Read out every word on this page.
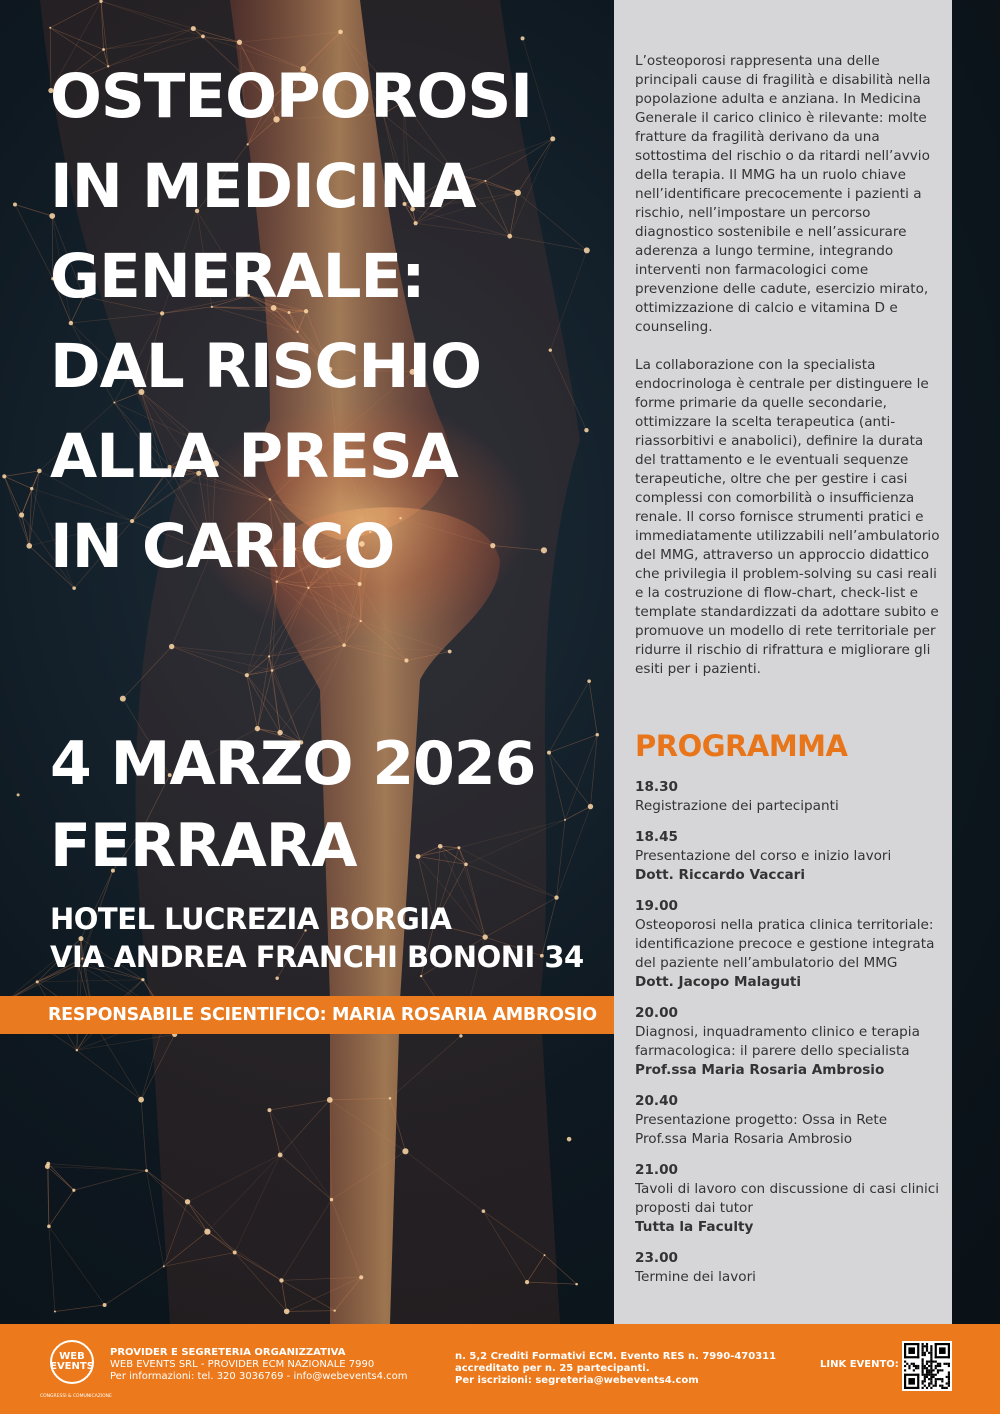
OSTEOPOROSI
IN MEDICINA
GENERALE:
DAL RISCHIO
ALLA PRESA
IN CARICO
4 MARZO 2026
FERRARA
HOTEL LUCREZIA BORGIA
VIA ANDREA FRANCHI BONONI 34
RESPONSABILE SCIENTIFICO: MARIA ROSARIA AMBROSIO

L’osteoporosi rappresenta una delle principali cause di fragilità e disabilità nella popolazione adulta e anziana. In Medicina Generale il carico clinico è rilevante: molte fratture da fragilità derivano da una sottostima del rischio o da ritardi nell’avvio della terapia. Il MMG ha un ruolo chiave nell’identificare precocemente i pazienti a rischio, nell’impostare un percorso diagnostico sostenibile e nell’assicurare aderenza a lungo termine, integrando interventi non farmacologici come prevenzione delle cadute, esercizio mirato, ottimizzazione di calcio e vitamina D e counseling.

La collaborazione con la specialista endocrinologa è centrale per distinguere le forme primarie da quelle secondarie, ottimizzare la scelta terapeutica (anti-riassorbitivi e anabolici), definire la durata del trattamento e le eventuali sequenze terapeutiche, oltre che per gestire i casi complessi con comorbilità o insufficienza renale. Il corso fornisce strumenti pratici e immediatamente utilizzabili nell’ambulatorio del MMG, attraverso un approccio didattico che privilegia il problem-solving su casi reali e la costruzione di flow-chart, check-list e template standardizzati da adottare subito e promuove un modello di rete territoriale per ridurre il rischio di rifrattura e migliorare gli esiti per i pazienti.

PROGRAMMA
18.30
Registrazione dei partecipanti
18.45
Presentazione del corso e inizio lavori
Dott. Riccardo Vaccari
19.00
Osteoporosi nella pratica clinica territoriale: identificazione precoce e gestione integrata del paziente nell’ambulatorio del MMG
Dott. Jacopo Malaguti
20.00
Diagnosi, inquadramento clinico e terapia farmacologica: il parere dello specialista
Prof.ssa Maria Rosaria Ambrosio
20.40
Presentazione progetto: Ossa in Rete
Prof.ssa Maria Rosaria Ambrosio
21.00
Tavoli di lavoro con discussione di casi clinici proposti dai tutor
Tutta la Faculty
23.00
Termine dei lavori
WEB EVENTS
CONGRESSI & COMUNICAZIONE
PROVIDER E SEGRETERIA ORGANIZZATIVA
WEB EVENTS SRL - PROVIDER ECM NAZIONALE 7990
Per informazioni: tel. 320 3036769 - info@webevents4.com
n. 5,2 Crediti Formativi ECM. Evento RES n. 7990-470311
accreditato per n. 25 partecipanti.
Per iscrizioni: segreteria@webevents4.com
LINK EVENTO:
